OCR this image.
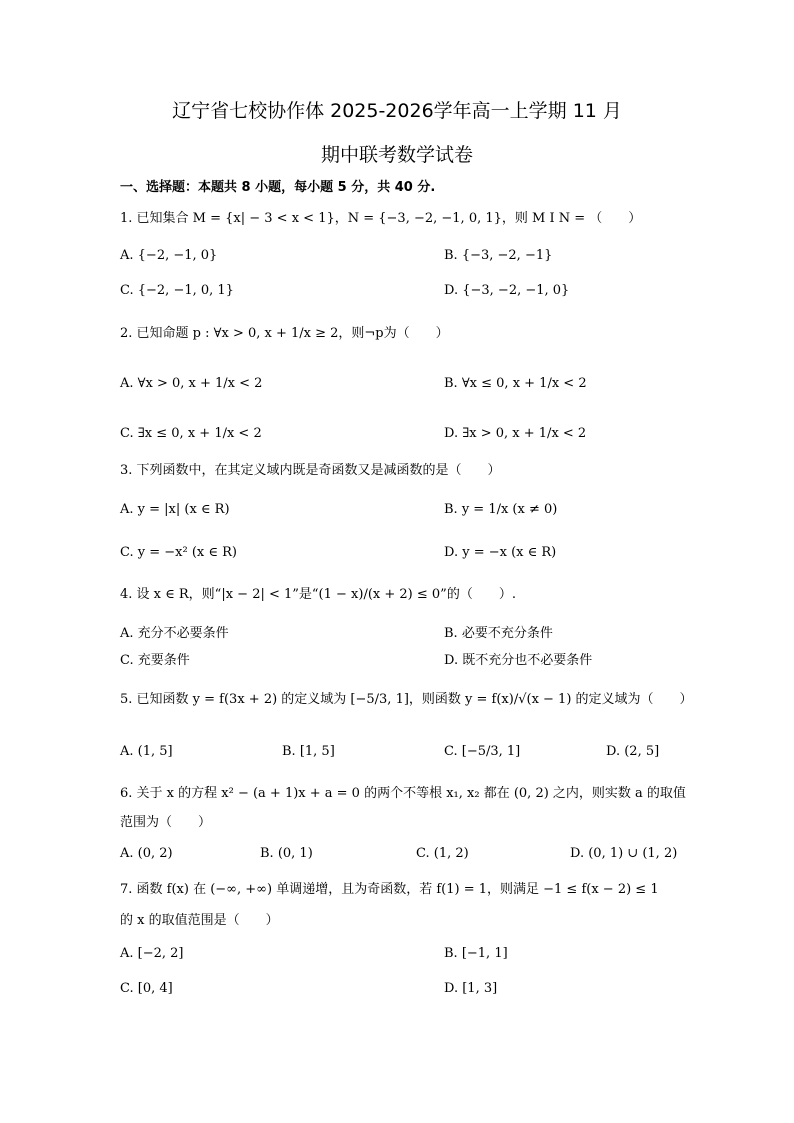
辽宁省七校协作体 2025-2026学年高一上学期 11 月
期中联考数学试卷
一、选择题：本题共 8 小题，每小题 5 分，共 40 分.
1. 已知集合 M = {x| − 3 < x < 1}，N = {−3, −2, −1, 0, 1}，则 M I N = （　　）
A. {−2, −1, 0}	B. {−3, −2, −1}
C. {−2, −1, 0, 1}	D. {−3, −2, −1, 0}
2. 已知命题 p : ∀x > 0, x + 1/x ≥ 2，则¬p为（　　）
A. ∀x > 0, x + 1/x < 2	B. ∀x ≤ 0, x + 1/x < 2
C. ∃x ≤ 0, x + 1/x < 2	D. ∃x > 0, x + 1/x < 2
3. 下列函数中，在其定义域内既是奇函数又是减函数的是（　　）
A. y = |x| (x ∈ R)	B. y = 1/x (x ≠ 0)
C. y = −x² (x ∈ R)	D. y = −x (x ∈ R)
4. 设 x ∈ R，则“|x − 2| < 1”是“(1 − x)/(x + 2) ≤ 0”的（　　）.
A. 充分不必要条件	B. 必要不充分条件
C. 充要条件	D. 既不充分也不必要条件
5. 已知函数 y = f(3x + 2) 的定义域为 [−5/3, 1]，则函数 y = f(x)/√(x − 1) 的定义域为（　　）
A. (1, 5]	B. [1, 5]	C. [−5/3, 1]	D. (2, 5]
6. 关于 x 的方程 x² − (a + 1)x + a = 0 的两个不等根 x₁, x₂ 都在 (0, 2) 之内，则实数 a 的取值
范围为（　　）
A. (0, 2)	B. (0, 1)	C. (1, 2)	D. (0, 1) ∪ (1, 2)
7. 函数 f(x) 在 (−∞, +∞) 单调递增，且为奇函数，若 f(1) = 1，则满足 −1 ≤ f(x − 2) ≤ 1
的 x 的取值范围是（　　）
A. [−2, 2]	B. [−1, 1]
C. [0, 4]	D. [1, 3]
